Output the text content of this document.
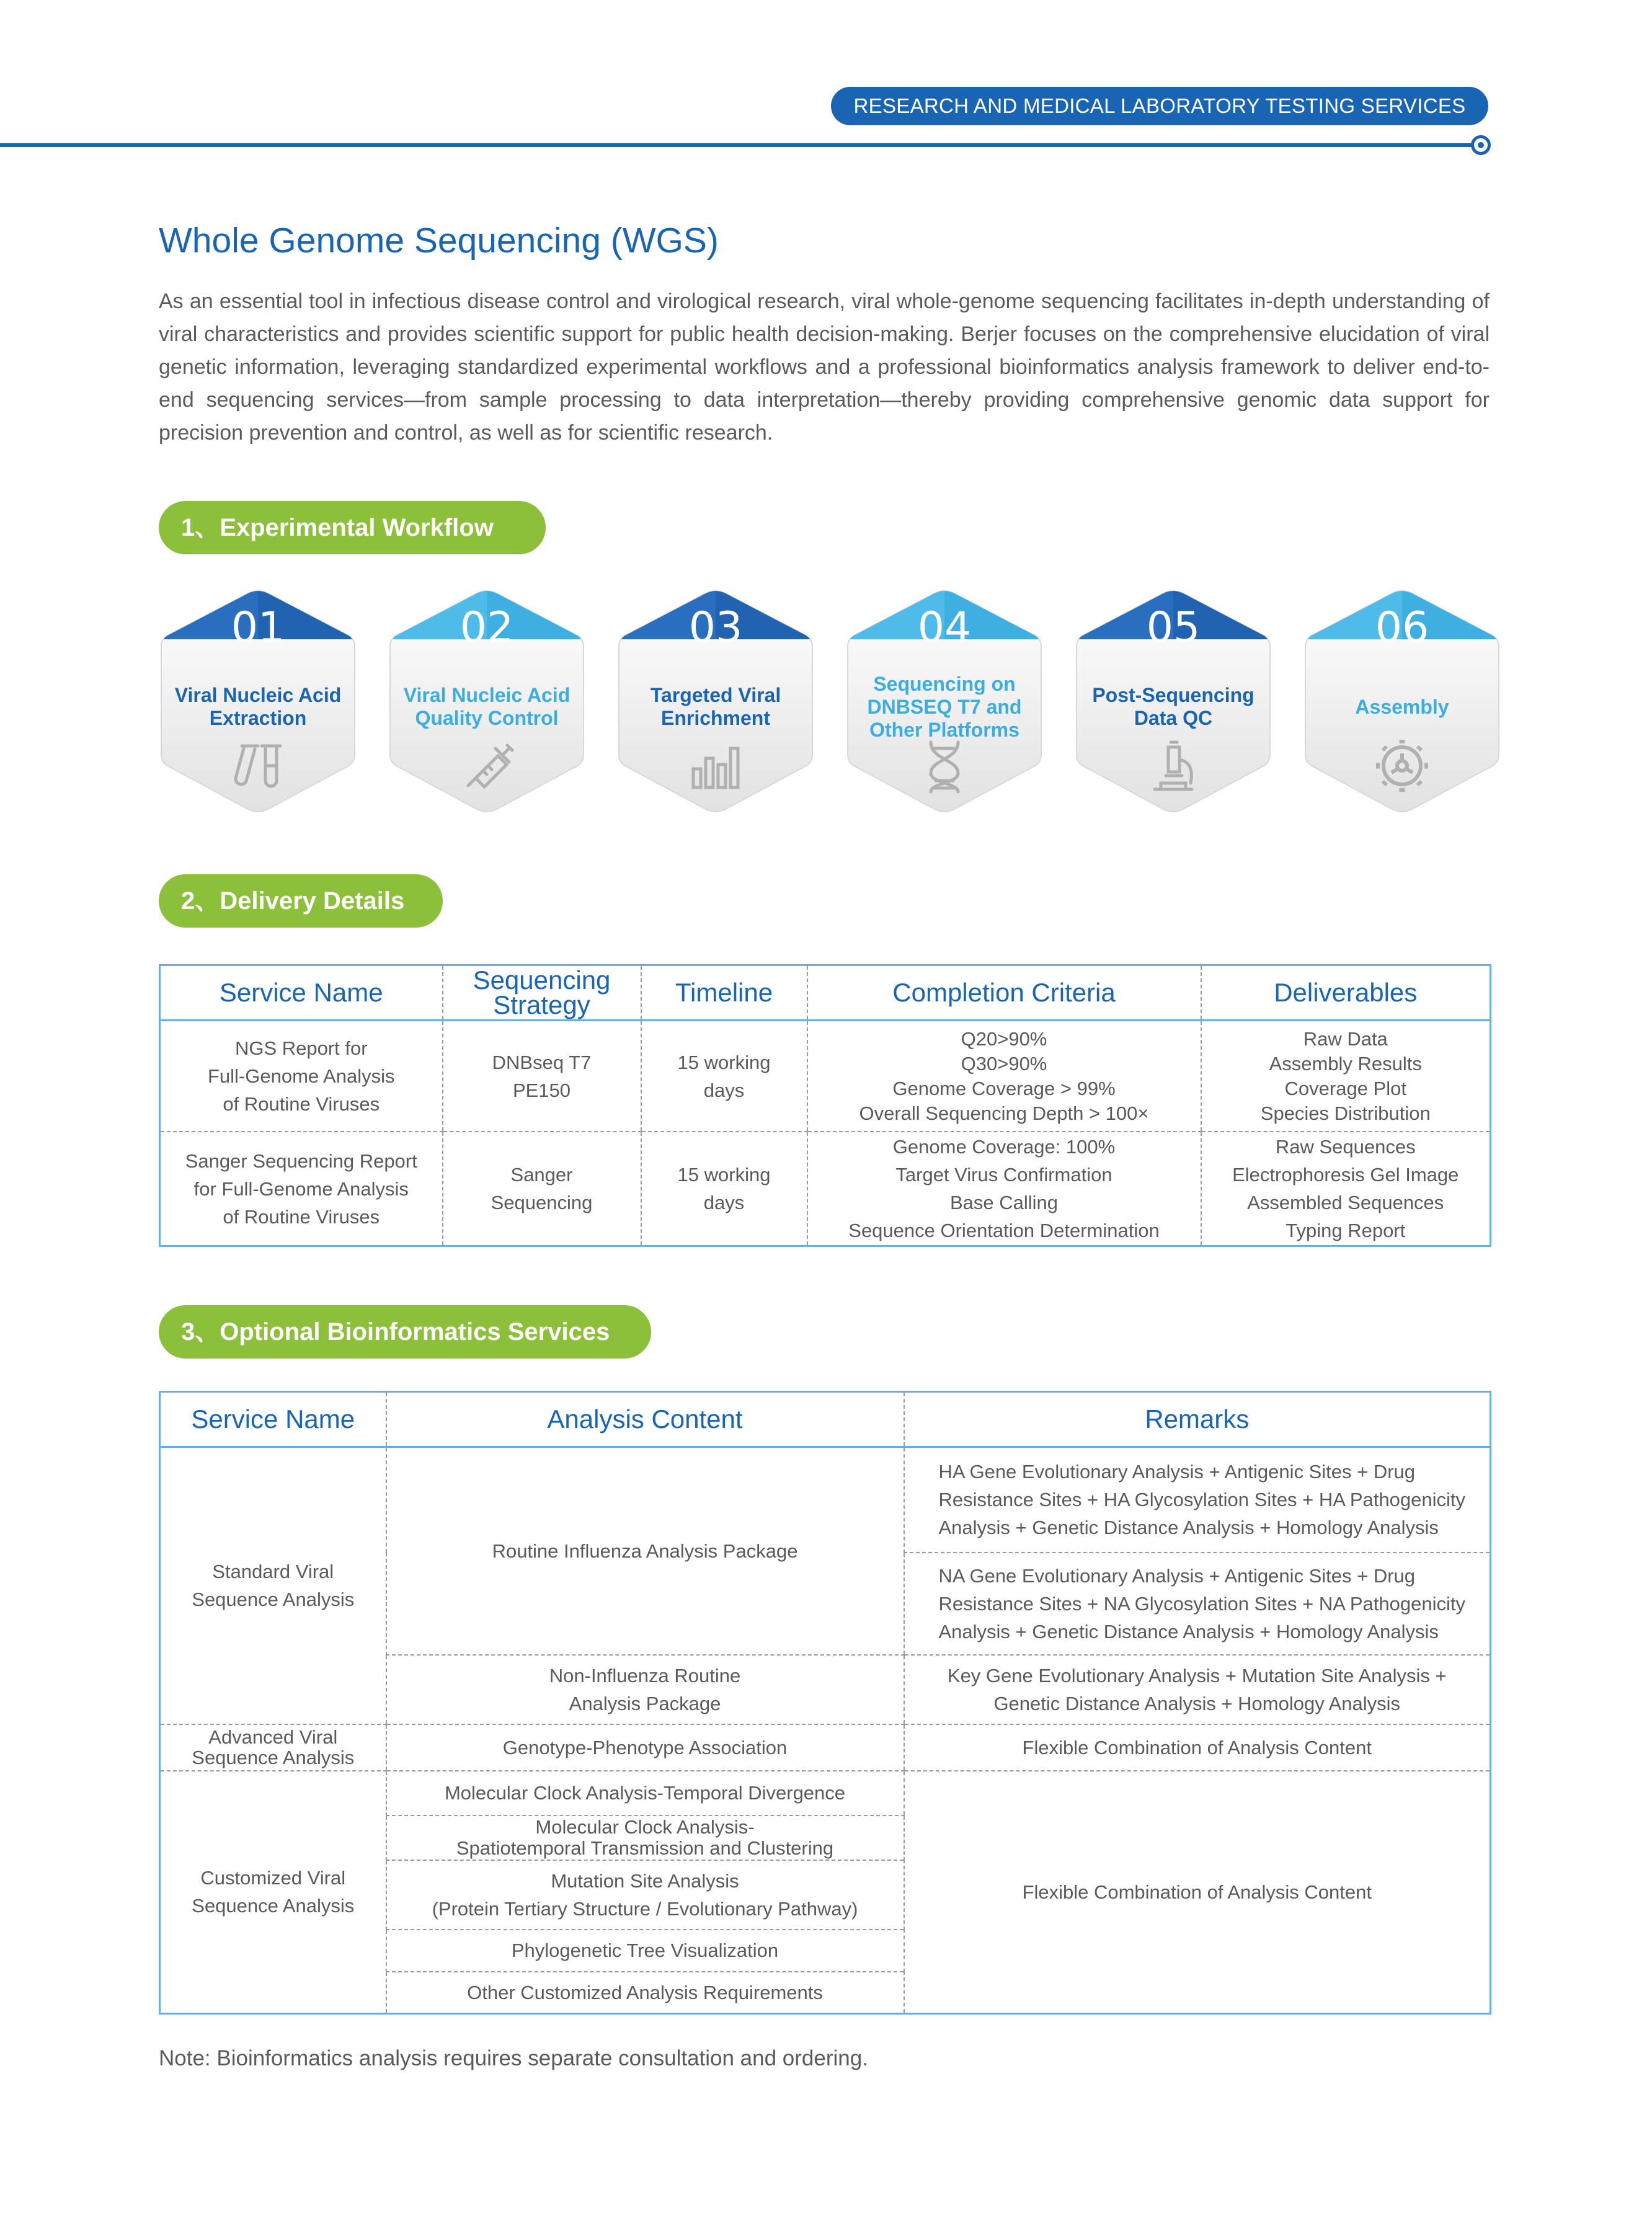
RESEARCH AND MEDICAL LABORATORY TESTING SERVICES
Whole Genome Sequencing (WGS)
As an essential tool in infectious disease control and virological research, viral whole-genome sequencing facilitates in-depth understanding of viral characteristics and provides scientific support for public health decision-making. Berjer focuses on the comprehensive elucidation of viral genetic information, leveraging standardized experimental workflows and a professional bioinformatics analysis framework to deliver end-to-end sequencing services—from sample processing to data interpretation—thereby providing comprehensive genomic data support for precision prevention and control, as well as for scientific research.
1、Experimental Workflow
01
Viral Nucleic Acid
Extraction
02
Viral Nucleic Acid
Quality Control
03
Targeted Viral
Enrichment
04
Sequencing on
DNBSEQ T7 and
Other Platforms
05
Post-Sequencing
Data QC
06
Assembly
2、Delivery Details
Service Name	Sequencing
Strategy	Timeline	Completion Criteria	Deliverables
NGS Report for
Full-Genome Analysis
of Routine Viruses	DNBseq T7
PE150	15 working
days	Q20>90%
Q30>90%
Genome Coverage > 99%
Overall Sequencing Depth > 100×	Raw Data
Assembly Results
Coverage Plot
Species Distribution
Sanger Sequencing Report
for Full-Genome Analysis
of Routine Viruses	Sanger
Sequencing	15 working
days	Genome Coverage: 100%
Target Virus Confirmation
Base Calling
Sequence Orientation Determination	Raw Sequences
Electrophoresis Gel Image
Assembled Sequences
Typing Report
3、Optional Bioinformatics Services
Service Name	Analysis Content	Remarks
Standard Viral
Sequence Analysis	Routine Influenza Analysis Package	HA Gene Evolutionary Analysis + Antigenic Sites + Drug
Resistance Sites + HA Glycosylation Sites + HA Pathogenicity
Analysis + Genetic Distance Analysis + Homology Analysis
		NA Gene Evolutionary Analysis + Antigenic Sites + Drug
Resistance Sites + NA Glycosylation Sites + NA Pathogenicity
Analysis + Genetic Distance Analysis + Homology Analysis
	Non-Influenza Routine
Analysis Package	Key Gene Evolutionary Analysis + Mutation Site Analysis +
Genetic Distance Analysis + Homology Analysis
Advanced Viral
Sequence Analysis	Genotype-Phenotype Association	Flexible Combination of Analysis Content
Customized Viral
Sequence Analysis	Molecular Clock Analysis-Temporal Divergence	Flexible Combination of Analysis Content
	Molecular Clock Analysis-
Spatiotemporal Transmission and Clustering	
	Mutation Site Analysis
(Protein Tertiary Structure / Evolutionary Pathway)	
	Phylogenetic Tree Visualization	
	Other Customized Analysis Requirements	
Note: Bioinformatics analysis requires separate consultation and ordering.
